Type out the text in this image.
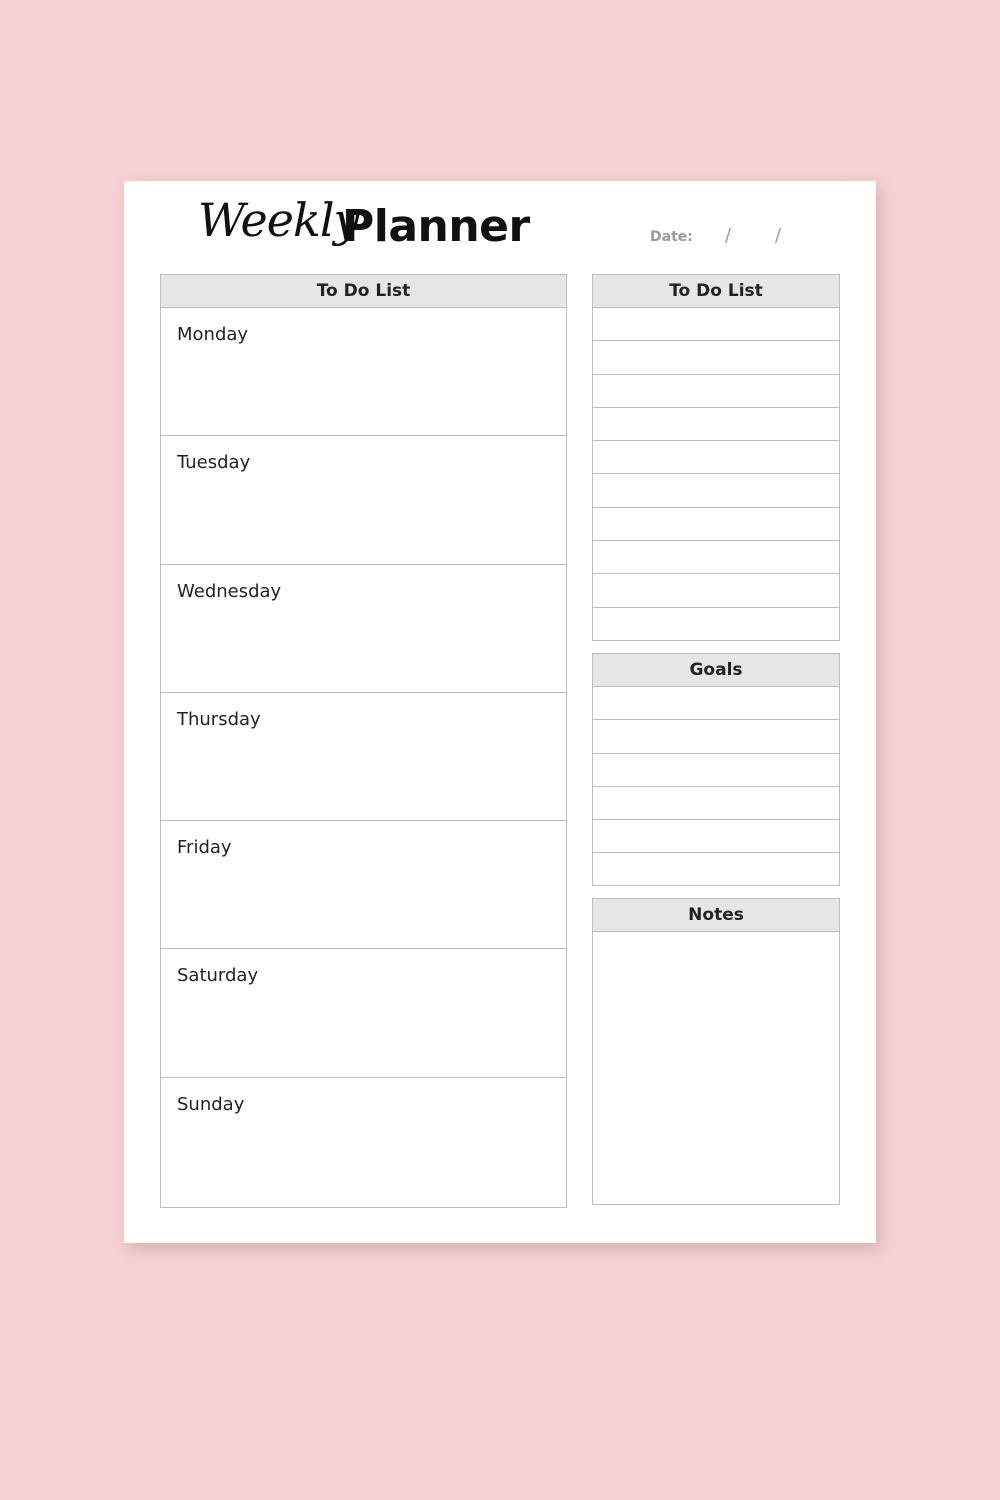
Weekly
Planner	Date: / /
To Do List
Monday
Tuesday
Wednesday
Thursday
Friday
Saturday
Sunday
To Do List
Goals
Notes
